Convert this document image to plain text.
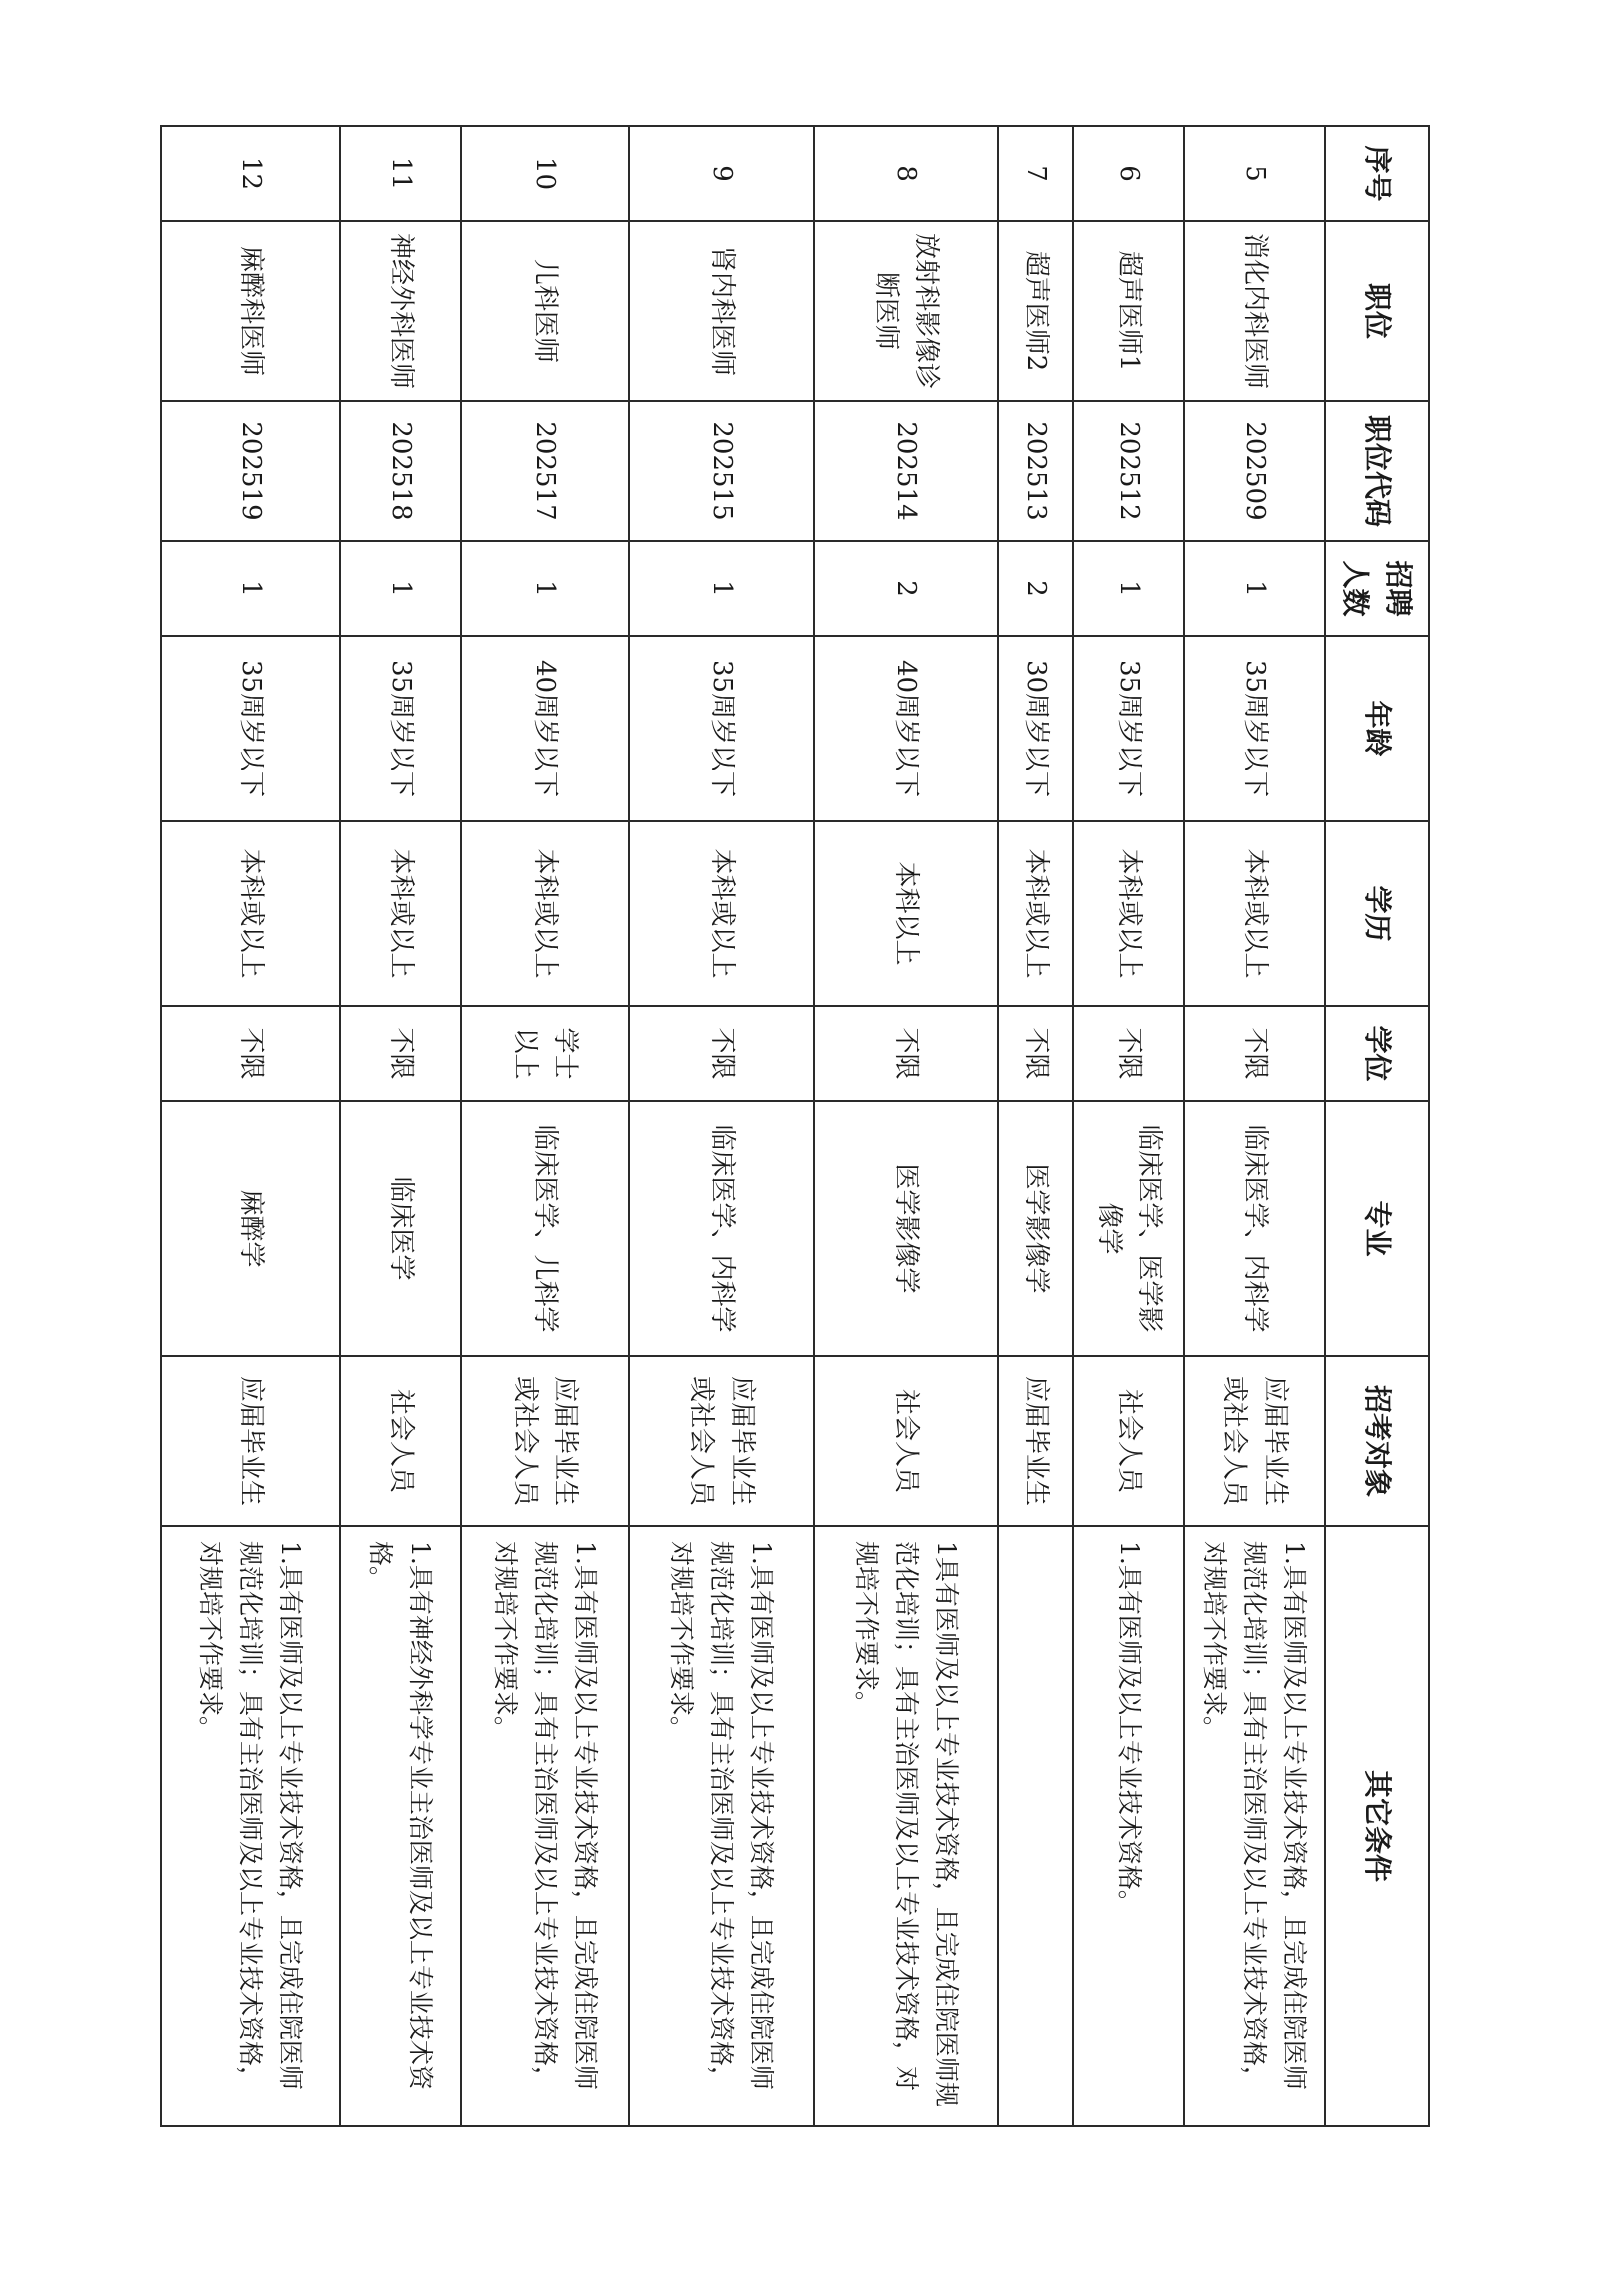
序号	职位	职位代码	招聘人数	年龄	学历	学位	专业	招考对象	其它条件
5	消化内科医师	202509	1	35周岁以下	本科或以上	不限	临床医学、内科学	应届毕业生或社会人员	1.具有医师及以上专业技术资格，且完成住院医师规范化培训；具有主治医师及以上专业技术资格，对规培不作要求。
6	超声医师1	202512	1	35周岁以下	本科或以上	不限	临床医学、医学影像学	社会人员	1.具有医师及以上专业技术资格。
7	超声医师2	202513	2	30周岁以下	本科或以上	不限	医学影像学	应届毕业生	
8	放射科影像诊断医师	202514	2	40周岁以下	本科以上	不限	医学影像学	社会人员	1具有医师及以上专业技术资格，且完成住院医师规范化培训；具有主治医师及以上专业技术资格，对规培不作要求。
9	肾内科医师	202515	1	35周岁以下	本科或以上	不限	临床医学、内科学	应届毕业生或社会人员	1.具有医师及以上专业技术资格，且完成住院医师规范化培训；具有主治医师及以上专业技术资格，对规培不作要求。
10	儿科医师	202517	1	40周岁以下	本科或以上	学士以上	临床医学、儿科学	应届毕业生或社会人员	1.具有医师及以上专业技术资格，且完成住院医师规范化培训；具有主治医师及以上专业技术资格，对规培不作要求。
11	神经外科医师	202518	1	35周岁以下	本科或以上	不限	临床医学	社会人员	1.具有神经外科学专业主治医师及以上专业技术资格。
12	麻醉科医师	202519	1	35周岁以下	本科或以上	不限	麻醉学	应届毕业生	1.具有医师及以上专业技术资格，且完成住院医师规范化培训；具有主治医师及以上专业技术资格，对规培不作要求。
